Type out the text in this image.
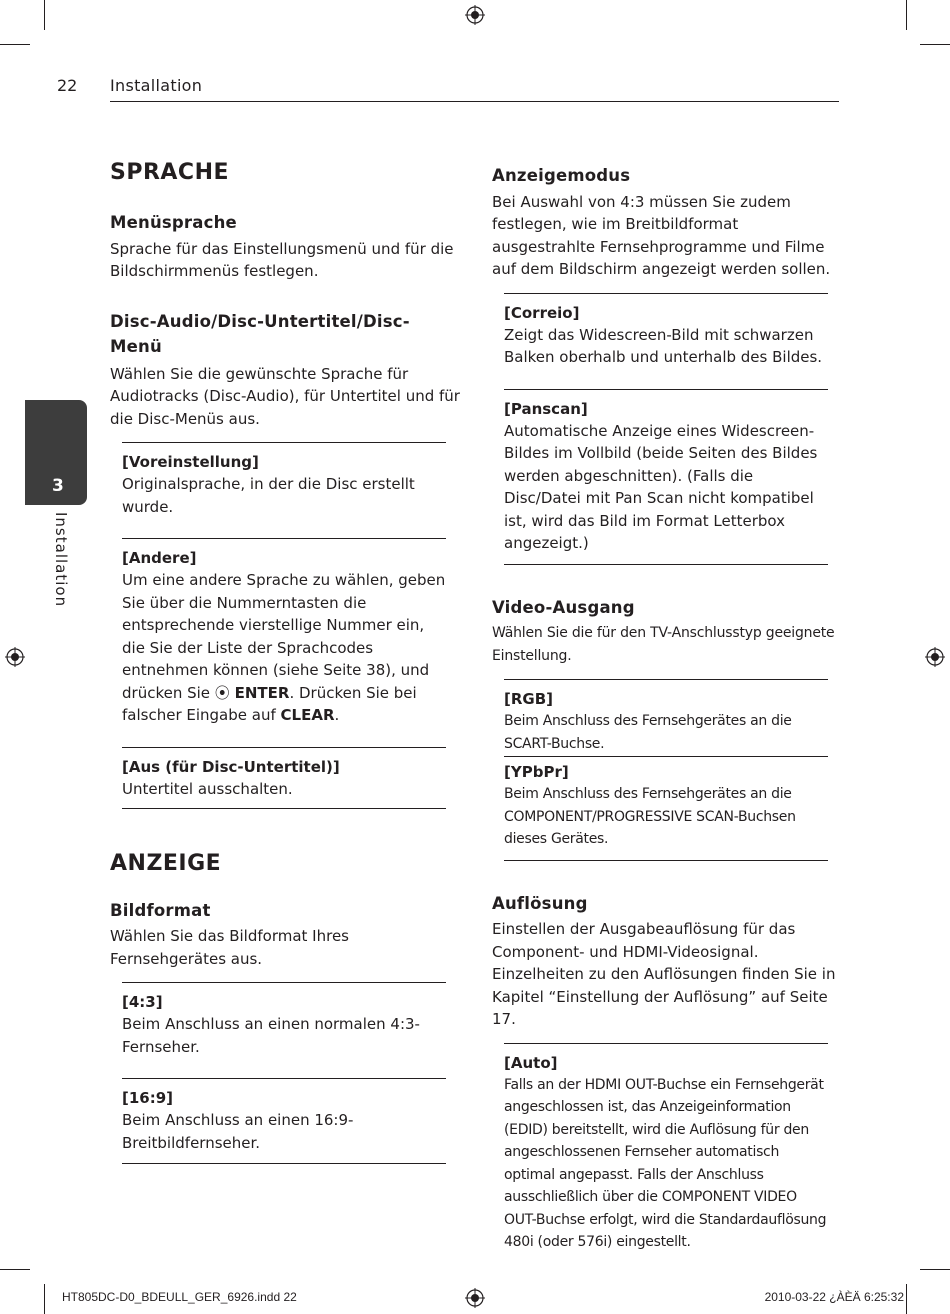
22 Installation
3
Installation
SPRACHE
Menüsprache
Sprache für das Einstellungsmenü und für die Bildschirmmenüs festlegen.
Disc-Audio/Disc-Untertitel/Disc-
Menü
Wählen Sie die gewünschte Sprache für Audiotracks (Disc-Audio), für Untertitel und für die Disc-Menüs aus.
[Voreinstellung]
Originalsprache, in der die Disc erstellt wurde.
[Andere]
Um eine andere Sprache zu wählen, geben Sie über die Nummerntasten die entsprechende vierstellige Nummer ein, die Sie der Liste der Sprachcodes entnehmen können (siehe Seite 38), und drücken Sie ⦿ ENTER. Drücken Sie bei falscher Eingabe auf CLEAR.
[Aus (für Disc-Untertitel)]
Untertitel ausschalten.
ANZEIGE
Bildformat
Wählen Sie das Bildformat Ihres Fernsehgerätes aus.
[4:3]
Beim Anschluss an einen normalen 4:3-Fernseher.
[16:9]
Beim Anschluss an einen 16:9-Breitbildfernseher.
Anzeigemodus
Bei Auswahl von 4:3 müssen Sie zudem festlegen, wie im Breitbildformat ausgestrahlte Fernsehprogramme und Filme auf dem Bildschirm angezeigt werden sollen.
[Correio]
Zeigt das Widescreen-Bild mit schwarzen Balken oberhalb und unterhalb des Bildes.
[Panscan]
Automatische Anzeige eines Widescreen-Bildes im Vollbild (beide Seiten des Bildes werden abgeschnitten). (Falls die Disc/Datei mit Pan Scan nicht kompatibel ist, wird das Bild im Format Letterbox angezeigt.)
Video-Ausgang
Wählen Sie die für den TV-Anschlusstyp geeignete Einstellung.
[RGB]
Beim Anschluss des Fernsehgerätes an die SCART-Buchse.
[YPbPr]
Beim Anschluss des Fernsehgerätes an die COMPONENT/PROGRESSIVE SCAN-Buchsen dieses Gerätes.
Auflösung
Einstellen der Ausgabeauflösung für das Component- und HDMI-Videosignal. Einzelheiten zu den Auflösungen finden Sie in Kapitel “Einstellung der Auflösung” auf Seite 17.
[Auto]
Falls an der HDMI OUT-Buchse ein Fernsehgerät angeschlossen ist, das Anzeigeinformation (EDID) bereitstellt, wird die Auflösung für den angeschlossenen Fernseher automatisch optimal angepasst. Falls der Anschluss ausschließlich über die COMPONENT VIDEO OUT-Buchse erfolgt, wird die Standardauflösung 480i (oder 576i) eingestellt.
HT805DC-D0_BDEULL_GER_6926.indd 22	2010-03-22 ¿ÀÈÄ 6:25:32
